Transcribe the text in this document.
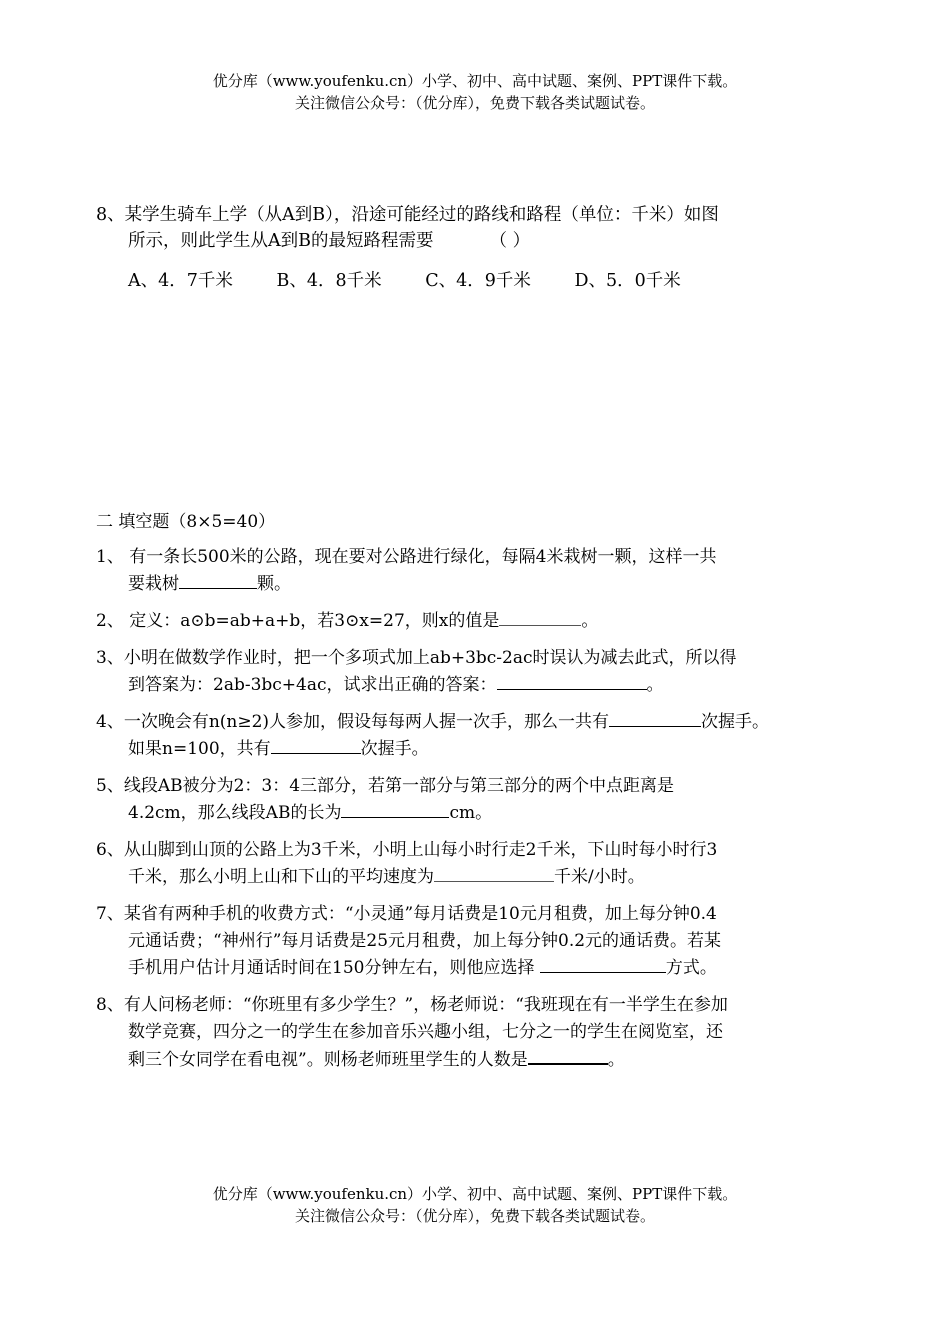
优分库（www.youfenku.cn）小学、初中、高中试题、案例、PPT课件下载。
关注微信公众号：（优分库），免费下载各类试题试卷。
8、某学生骑车上学（从A到B），沿途可能经过的路线和路程（单位：千米）如图
所示，则此学生从A到B的最短路程需要	（ ）
A、4．7千米 B、4．8千米 C、4．9千米 D、5．0千米
二 填空题（8×5=40）
1、 有一条长500米的公路，现在要对公路进行绿化，每隔4米栽树一颗，这样一共
要栽树	颗。
2、 定义：a⊙b=ab+a+b，若3⊙x=27，则x的值是	。
3、小明在做数学作业时，把一个多项式加上ab+3bc-2ac时误认为减去此式，所以得
到答案为：2ab-3bc+4ac，试求出正确的答案：	。
4、一次晚会有n(n≥2)人参加，假设每每两人握一次手，那么一共有	次握手。
如果n=100，共有	次握手。
5、线段AB被分为2：3：4三部分，若第一部分与第三部分的两个中点距离是
4.2cm，那么线段AB的长为	cm。
6、从山脚到山顶的公路上为3千米，小明上山每小时行走2千米，下山时每小时行3
千米，那么小明上山和下山的平均速度为	千米/小时。
7、某省有两种手机的收费方式：“小灵通”每月话费是10元月租费，加上每分钟0.4
元通话费；“神州行”每月话费是25元月租费，加上每分钟0.2元的通话费。若某
手机用户估计月通话时间在150分钟左右，则他应选择	方式。
8、有人问杨老师：“你班里有多少学生？”，杨老师说：“我班现在有一半学生在参加
数学竞赛，四分之一的学生在参加音乐兴趣小组，七分之一的学生在阅览室，还
剩三个女同学在看电视”。则杨老师班里学生的人数是	。
优分库（www.youfenku.cn）小学、初中、高中试题、案例、PPT课件下载。
关注微信公众号：（优分库），免费下载各类试题试卷。
